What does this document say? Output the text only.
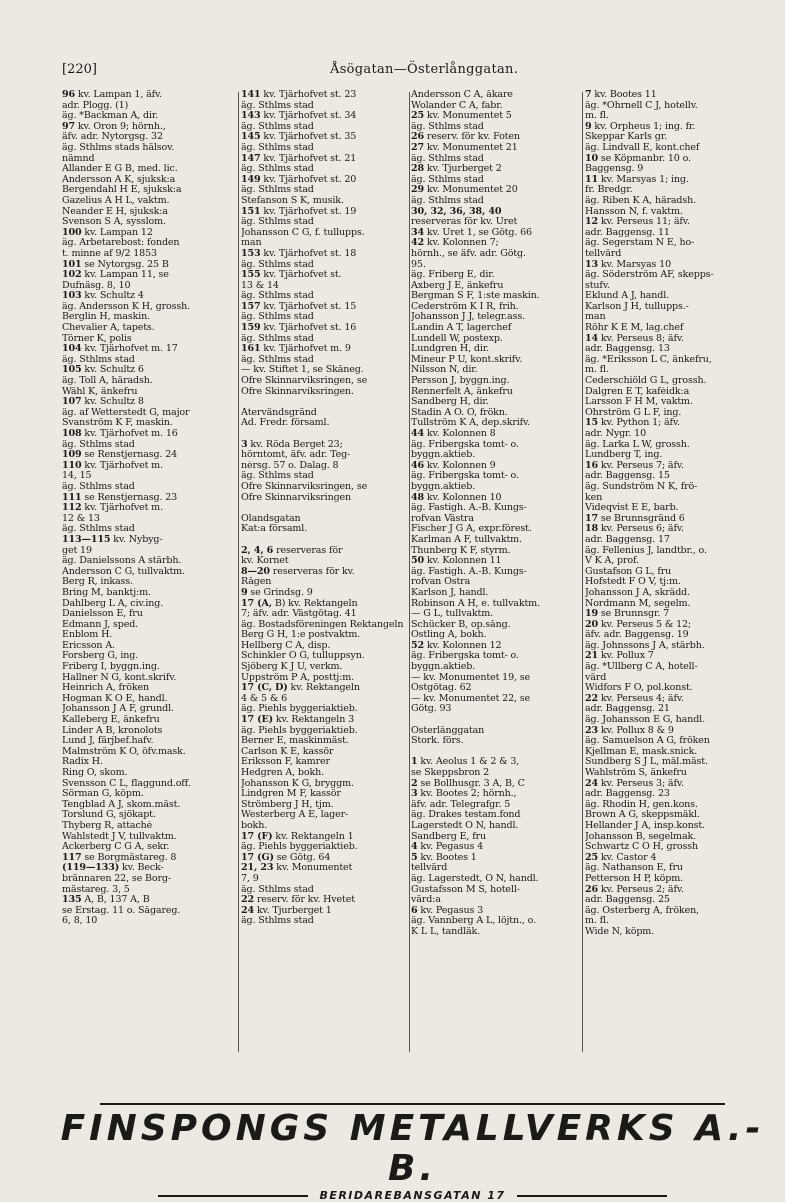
[220]	Åsögatan—Österlånggatan.
96 kv. Lampan 1, äfv.
adr. Plogg. (1)
äg. *Backman A, dir.
97 kv. Oron 9; hörnh.,
äfv. adr. Nytorgsg. 32
äg. Sthlms stads hälsov.
nämnd
Allander E G B, med. lic.
Andersson A K, sjuksk:a
Bergendahl H E, sjuksk:a
Gazelius A H L, vaktm.
Neander E H, sjuksk:a
Svenson S A, sysslom.
100 kv. Lampan 12
äg. Arbetarebost: fonden
t. minne af 9/2 1853
101 se Nytorgsg. 25 B
102 kv. Lampan 11, se
Dufnäsg. 8, 10
103 kv. Schultz 4
äg. Andersson K H, grossh.
Berglin H, maskin.
Chevalier A, tapets.
Törner K, polis
104 kv. Tjärhofvet m. 17
äg. Sthlms stad
105 kv. Schultz 6
äg. Toll A, häradsh.
Wåhl K, änkefru
107 kv. Schultz 8
äg. af Wetterstedt G, major
Svanström K F, maskin.
108 kv. Tjärhofvet m. 16
äg. Sthlms stad
109 se Renstjernasg. 24
110 kv. Tjärhofvet m.
14, 15
äg. Sthlms stad
111 se Renstjernasg. 23
112 kv. Tjärhofvet m.
12 & 13
äg. Sthlms stad
113—115 kv. Nybyg-
get 19
äg. Danielssons A stärbh.
Andersson C G, tullvaktm.
Berg R, inkass.
Bring M, banktj:m.
Dahlberg L A, civ.ing.
Danielsson E, fru
Edmann J, sped.
Enblom H.
Ericsson A.
Forsberg G, ing.
Friberg I, byggn.ing.
Hallner N G, kont.skrifv.
Heinrich A, fröken
Hogman K O E, handl.
Johansson J A F, grundl.
Kalleberg E, änkefru
Linder A B, kronolots
Lund J, färjbef.hafv.
Malmström K O, öfv.mask.
Radix H.
Ring O, skom.
Svensson C L, flaggund.off.
Sörman G, köpm.
Tengblad A J, skom.mäst.
Torslund G, sjökapt.
Thyberg R, attaché
Wahlstedt J V, tullvaktm.
Åckerberg C G A, sekr.
117 se Borgmästareg. 8
(119—133) kv. Beck-
brännaren 22, se Borg-
mästareg. 3, 5
135 A, B, 137 A, B
se Erstag. 11 o. Sågareg.
6, 8, 10
141 kv. Tjärhofvet st. 23
äg. Sthlms stad
143 kv. Tjärhofvet st. 34
äg. Sthlms stad
145 kv. Tjärhofvet st. 35
äg. Sthlms stad
147 kv. Tjärhofvet st. 21
äg. Sthlms stad
149 kv. Tjärhofvet st. 20
äg. Sthlms stad
Stefanson S K, musik.
151 kv. Tjärhofvet st. 19
äg. Sthlms stad
Johansson C G, f. tullupps.
man
153 kv. Tjärhofvet st. 18
äg. Sthlms stad
155 kv. Tjärhofvet st.
13 & 14
äg. Sthlms stad
157 kv. Tjärhofvet st. 15
äg. Sthlms stad
159 kv. Tjärhofvet st. 16
äg. Sthlms stad
161 kv. Tjärhofvet m. 9
äg. Sthlms stad
— kv. Stiftet 1, se Skåneg.
Öfre Skinnarviksringen, se
Öfre Skinnarviksringen.
Återvändsgränd
Ad. Fredr. församl.
3 kv. Röda Berget 23;
hörntomt, äfv. adr. Teg-
nérsg. 57 o. Dalag. 8
äg. Sthlms stad
Öfre Skinnarviksringen, se
Öfre Skinnarviksringen
Ölandsgatan
Kat:a församl.
2, 4, 6 reserveras för
kv. Kornet
8—20 reserveras för kv.
Rågen
9 se Grindsg. 9
17 (A, B) kv. Rektangeln
7; äfv. adr. Västgötag. 41
äg. Bostadsföreningen Rektangeln
Berg G H, 1:e postvaktm.
Hellberg C A, disp.
Schinkler O G, tulluppsyn.
Sjöberg K J U, verkm.
Uppström P A, posttj:m.
17 (C, D) kv. Rektangeln
4 & 5 & 6
äg. Piehls byggeriaktieb.
17 (E) kv. Rektangeln 3
äg. Piehls byggeriaktieb.
Berner E, maskinmäst.
Carlson K E, kassör
Eriksson F, kamrer
Hedgren A, bokh.
Johansson K G, bryggm.
Lindgren M F, kassör
Strömberg J H, tjm.
Westerberg A E, lager-
bokh.
17 (F) kv. Rektangeln 1
äg. Piehls byggeriaktieb.
17 (G) se Götg. 64
21, 23 kv. Monumentet
7, 9
äg. Sthlms stad
22 reserv. för kv. Hvetet
24 kv. Tjurberget 1
äg. Sthlms stad
Andersson C A, åkare
Wolander C A, fabr.
25 kv. Monumentet 5
äg. Sthlms stad
26 reserv. för kv. Foten
27 kv. Monumentet 21
äg. Sthlms stad
28 kv. Tjurberget 2
äg. Sthlms stad
29 kv. Monumentet 20
äg. Sthlms stad
30, 32, 36, 38, 40
reserveras för kv. Uret
34 kv. Uret 1, se Götg. 66
42 kv. Kolonnen 7;
hörnh., se äfv. adr. Götg.
95.
äg. Friberg E, dir.
Axberg J E, änkefru
Bergman S F, 1:ste maskin.
Cederström K I R, frih.
Johansson J J, telegr.ass.
Landin A T, lagerchef
Lundell W, postexp.
Lundgren H, dir.
Mineur P U, kont.skrifv.
Nilsson N, dir.
Persson J, byggn.ing.
Rennerfelt A, änkefru
Sandberg H, dir.
Stadin A O. O, frökn.
Tullström K A, dep.skrifv.
44 kv. Kolonnen 8
äg. Fribergska tomt- o.
byggn.aktieb.
46 kv. Kolonnen 9
äg. Fribergska tomt- o.
byggn.aktieb.
48 kv. Kolonnen 10
äg. Fastigh. A.-B. Kungs-
rofvan Västra
Fischer J G A, expr.förest.
Karlman A F, tullvaktm.
Thunberg K F, styrm.
50 kv. Kolonnen 11
äg. Fastigh. A.-B. Kungs-
rofvan Östra
Karlson J, handl.
Robinson A H, e. tullvaktm.
— G L, tullvaktm.
Schücker B, op.sång.
Östling A, bokh.
52 kv. Kolonnen 12
äg. Fribergska tomt- o.
byggn.aktieb.
— kv. Monumentet 19, se
Östgötag. 62
— kv. Monumentet 22, se
Götg. 93
Österlånggatan
Stork. förs.
1 kv. Aeolus 1 & 2 & 3,
se Skeppsbron 2
2 se Bollhusgr. 3 A, B, C
3 kv. Bootes 2; hörnh.,
äfv. adr. Telegrafgr. 5
äg. Drakes testam.fond
Lagerstedt O N, handl.
Sandberg E, fru
4 kv. Pegasus 4
5 kv. Bootes 1
tellvärd
äg. Lagerstedt, O N, handl.
Gustafsson M S, hotell-
värd:a
6 kv. Pegasus 3
äg. Vannberg A L, löjtn., o.
K L L, tandläk.
7 kv. Bootes 11
äg. *Öhrnell C J, hotellv.
m. fl.
9 kv. Orpheus 1; ing. fr.
Skeppar Karls gr.
äg. Lindvall E, kont.chef
10 se Köpmanbr. 10 o.
Baggensg. 9
11 kv. Marsyas 1; ing.
fr. Bredgr.
äg. Riben K A, häradsh.
Hansson N, f. vaktm.
12 kv. Perseus 11; äfv.
adr. Baggensg. 11
äg. Segerstam N E, ho-
tellvärd
13 kv. Marsyas 10
äg. Söderström AF, skepps-
stufv.
Eklund A J, handl.
Karlson J H, tullupps.-
man
Röhr K E M, lag.chef
14 kv. Perseus 8; äfv.
adr. Baggensg. 13
äg. *Eriksson L C, änkefru,
m. fl.
Cederschiöld G L, grossh.
Dalgren E T, kaféidk:a
Larsson F H M, vaktm.
Öhrström G L F, ing.
15 kv. Python 1; äfv.
adr. Nygr. 10
äg. Larka L W, grossh.
Lundberg T, ing.
16 kv. Perseus 7; äfv.
adr. Baggensg. 15
äg. Sundström N K, frö-
ken
Videqvist E E, barb.
17 se Brunnsgränd 6
18 kv. Perseus 6; äfv.
adr. Baggensg. 17
äg. Fellenius J, landtbr., o.
V K A, prof.
Gustafson G L, fru
Hofstedt F O V, tj:m.
Johansson J A, skrädd.
Nordmann M, segelm.
19 se Brunnsgr. 7
20 kv. Perseus 5 & 12;
äfv. adr. Baggensg. 19
äg. Johnssons J A, stärbh.
21 kv. Pollux 7
äg. *Ullberg C A, hotell-
värd
Widfors F O, pol.konst.
22 kv. Perseus 4; äfv.
adr. Baggensg. 21
äg. Johansson E G, handl.
23 kv. Pollux 8 & 9
äg. Samuelson A G, fröken
Kjellman E, mask.snick.
Sundberg S J L, mål.mäst.
Wahlström S, änkefru
24 kv. Perseus 3; äfv.
adr. Baggensg. 23
äg. Rhodin H, gen.kons.
Brown A G, skeppsmäkl.
Hellander J A, insp.konst.
Johansson B, segelmak.
Schwartz C O H, grossh
25 kv. Castor 4
äg. Nathanson E, fru
Petterson H P, köpm.
26 kv. Perseus 2; äfv.
adr. Baggensg. 25
äg. Österberg A, fröken,
m. fl.
Wide N, köpm.
FINSPONGS METALLVERKS A.-B.
BERIDAREBANSGATAN 17
